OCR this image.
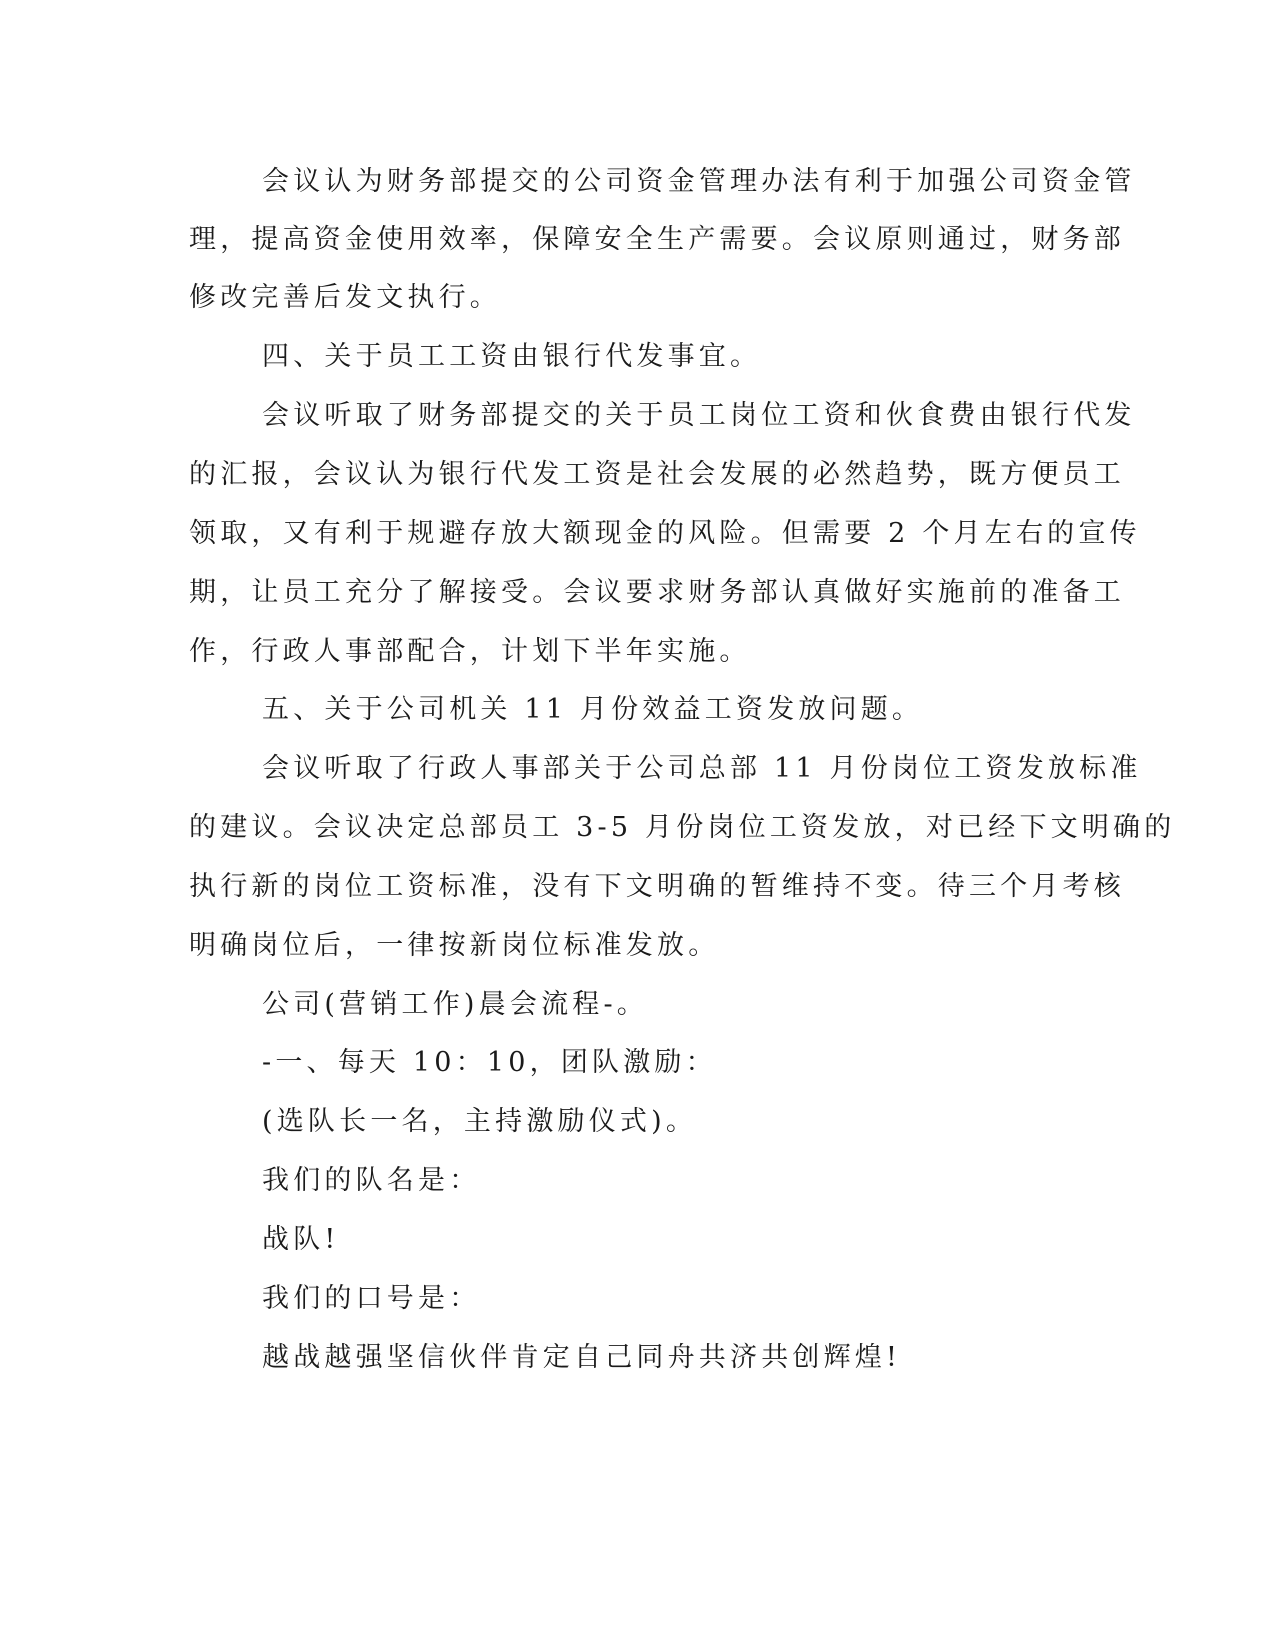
会议认为财务部提交的公司资金管理办法有利于加强公司资金管
理，提高资金使用效率，保障安全生产需要。会议原则通过，财务部
修改完善后发文执行。
四、关于员工工资由银行代发事宜。
会议听取了财务部提交的关于员工岗位工资和伙食费由银行代发
的汇报，会议认为银行代发工资是社会发展的必然趋势，既方便员工
领取，又有利于规避存放大额现金的风险。但需要 2 个月左右的宣传
期，让员工充分了解接受。会议要求财务部认真做好实施前的准备工
作，行政人事部配合，计划下半年实施。
五、关于公司机关 11 月份效益工资发放问题。
会议听取了行政人事部关于公司总部 11 月份岗位工资发放标准
的建议。会议决定总部员工 3-5 月份岗位工资发放，对已经下文明确的
执行新的岗位工资标准，没有下文明确的暂维持不变。待三个月考核
明确岗位后，一律按新岗位标准发放。
公司(营销工作)晨会流程-。
-一、每天 10：10，团队激励：
(选队长一名，主持激励仪式)。
我们的队名是：
战队!
我们的口号是：
越战越强坚信伙伴肯定自己同舟共济共创辉煌!
